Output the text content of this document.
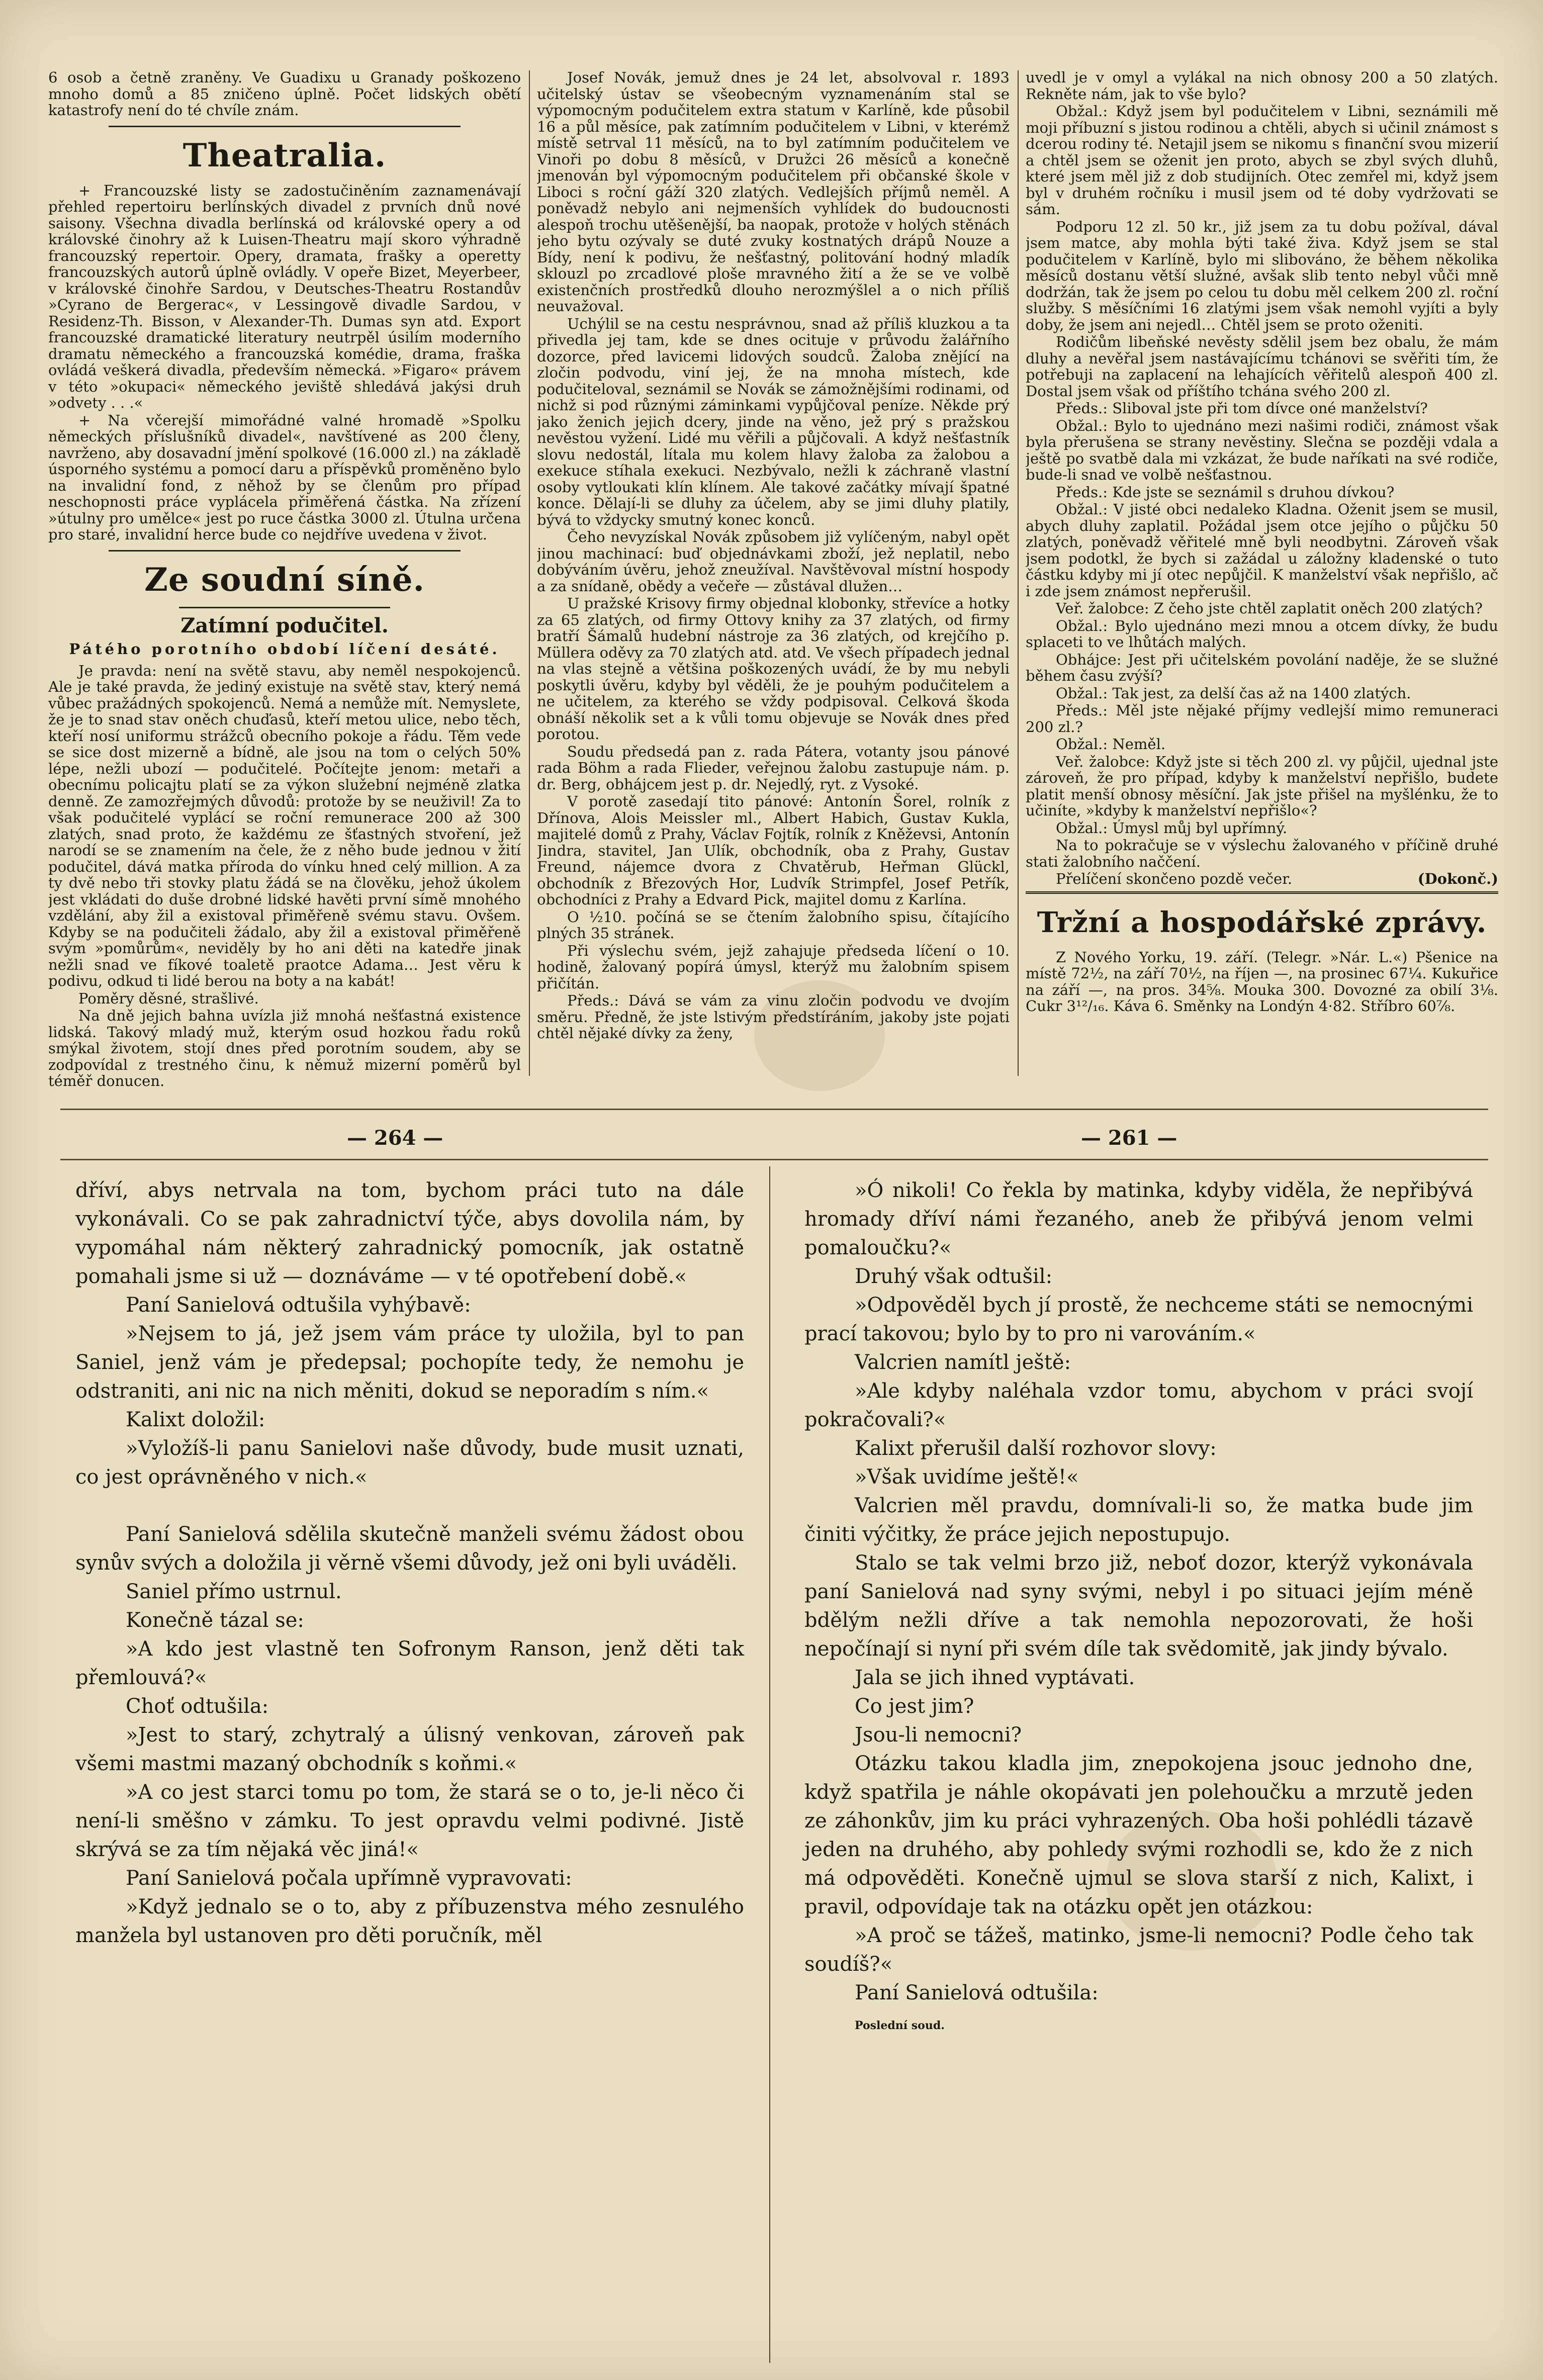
6 osob a četně zraněny. Ve Guadixu u Granady poškozeno mnoho domů a 85 zničeno úplně. Počet lidských obětí katastrofy není do té chvíle znám.

Theatralia.

+ Francouzské listy se zadostučiněním zaznamenávají přehled repertoiru berlínských divadel z prvních dnů nové saisony. Všechna divadla berlínská od královské opery a od královské činohry až k Luisen-Theatru mají skoro výhradně francouzský repertoir. Opery, dramata, frašky a operetty francouzských autorů úplně ovládly. V opeře Bizet, Meyerbeer, v královské činohře Sardou, v Deutsches-Theatru Rostandův »Cyrano de Bergerac«, v Lessingově divadle Sardou, v Residenz-Th. Bisson, v Alexander-Th. Dumas syn atd. Export francouzské dramatické literatury neutrpěl úsilím moderního dramatu německého a francouzská komédie, drama, fraška ovládá veškerá divadla, především německá. »Figaro« právem v této »okupaci« německého jeviště shledává jakýsi druh »odvety . . .«

+ Na včerejší mimořádné valné hromadě »Spolku německých příslušníků divadel«, navštívené as 200 členy, navrženo, aby dosavadní jmění spolkové (16.000 zl.) na základě úsporného systému a pomocí daru a příspěvků proměněno bylo na invalidní fond, z něhož by se členům pro případ neschopnosti práce vyplácela přiměřená částka. Na zřízení »útulny pro umělce« jest po ruce částka 3000 zl. Útulna určena pro staré, invalidní herce bude co nejdříve uvedena v život.

Ze soudní síně.
Zatímní podučitel.
Pátého porotního období líčení desáté.

Je pravda: není na světě stavu, aby neměl nespokojenců. Ale je také pravda, že jediný existuje na světě stav, který nemá vůbec pražádných spokojenců. Nemá a nemůže mít. Nemyslete, že je to snad stav oněch chuďasů, kteří metou ulice, nebo těch, kteří nosí uniformu strážců obecního pokoje a řádu. Těm vede se sice dost mizerně a bídně, ale jsou na tom o celých 50% lépe, nežli ubozí — podučitelé. Počítejte jenom: metaři a obecnímu policajtu platí se za výkon služební nejméně zlatka denně. Ze zamozřejmých důvodů: protože by se neuživil! Za to však podučitelé vyplácí se roční remunerace 200 až 300 zlatých, snad proto, že každému ze šťastných stvoření, jež narodí se se znamením na čele, že z něho bude jednou v žití podučitel, dává matka příroda do vínku hned celý million. A za ty dvě nebo tři stovky platu žádá se na člověku, jehož úkolem jest vkládati do duše drobné lidské havěti první símě mnohého vzdělání, aby žil a existoval přiměřeně svému stavu. Ovšem. Kdyby se na podučiteli žádalo, aby žil a existoval přiměřeně svým »pomůrům«, neviděly by ho ani děti na katedře jinak nežli snad ve fíkové toaletě praotce Adama… Jest věru k podivu, odkud ti lidé berou na boty a na kabát!

Poměry děsné, strašlivé.

Na dně jejich bahna uvízla již mnohá nešťastná existence lidská. Takový mladý muž, kterým osud hozkou řadu roků smýkal životem, stojí dnes před porotním soudem, aby se zodpovídal z trestného činu, k němuž mizerní poměrů byl téměř donucen.

Josef Novák, jemuž dnes je 24 let, absolvoval r. 1893 učitelský ústav se všeobecným vyznamenáním stal se výpomocným podučitelem extra statum v Karlíně, kde působil 16 a půl měsíce, pak zatímním podučitelem v Libni, v kterémž místě setrval 11 měsíců, na to byl zatímním podučitelem ve Vinoři po dobu 8 měsíců, v Družci 26 měsíců a konečně jmenován byl výpomocným podučitelem při občanské škole v Liboci s roční gáží 320 zlatých. Vedlejších příjmů neměl. A poněvadž nebylo ani nejmenších vyhlídek do budoucnosti alespoň trochu utěšenější, ba naopak, protože v holých stěnách jeho bytu ozývaly se duté zvuky kostnatých drápů Nouze a Bídy, není k podivu, že nešťastný, politování hodný mladík sklouzl po zrcadlové ploše mravného žití a že se ve volbě existenčních prostředků dlouho nerozmýšlel a o nich příliš neuvažoval.

Uchýlil se na cestu nesprávnou, snad až příliš kluzkou a ta přivedla jej tam, kde se dnes ocituje v průvodu žalářního dozorce, před lavicemi lidových soudců. Žaloba znějící na zločin podvodu, viní jej, že na mnoha místech, kde podučiteloval, seznámil se Novák se zámožnějšími rodinami, od nichž si pod různými záminkami vypůjčoval peníze. Někde prý jako ženich jejich dcery, jinde na věno, jež prý s pražskou nevěstou vyžení. Lidé mu věřili a půjčovali. A když nešťastník slovu nedostál, lítala mu kolem hlavy žaloba za žalobou a exekuce stíhala exekuci. Nezbývalo, nežli k záchraně vlastní osoby vytloukati klín klínem. Ale takové začátky mívají špatné konce. Dělají-li se dluhy za účelem, aby se jimi dluhy platily, bývá to vždycky smutný konec konců.

Čeho nevyzískal Novák způsobem již vylíčeným, nabyl opět jinou machinací: buď objednávkami zboží, jež neplatil, nebo dobýváním úvěru, jehož zneužíval. Navštěvoval místní hospody a za snídaně, obědy a večeře — zůstával dlužen…

U pražské Krisovy firmy objednal klobonky, střevíce a hotky za 65 zlatých, od firmy Ottovy knihy za 37 zlatých, od firmy bratří Šámalů hudební nástroje za 36 zlatých, od krejčího p. Müllera oděvy za 70 zlatých atd. atd. Ve všech případech jednal na vlas stejně a většina poškozených uvádí, že by mu nebyli poskytli úvěru, kdyby byl věděli, že je pouhým podučitelem a ne učitelem, za kterého se vždy podpisoval. Celková škoda obnáší několik set a k vůli tomu objevuje se Novák dnes před porotou.

Soudu předsedá pan z. rada Pátera, votanty jsou pánové rada Böhm a rada Flieder, veřejnou žalobu zastupuje nám. p. dr. Berg, obhájcem jest p. dr. Nejedlý, ryt. z Vysoké.

V porotě zasedají tito pánové: Antonín Šorel, rolník z Dřínova, Alois Meissler ml., Albert Habich, Gustav Kukla, majitelé domů z Prahy, Václav Fojtík, rolník z Kněževsi, Antonín Jindra, stavitel, Jan Ulík, obchodník, oba z Prahy, Gustav Freund, nájemce dvora z Chvatěrub, Heřman Glückl, obchodník z Březových Hor, Ludvík Strimpfel, Josef Petřík, obchodníci z Prahy a Edvard Pick, majitel domu z Karlína.

O ½10. počíná se se čtením žalobního spisu, čítajícího plných 35 stránek.

Při výslechu svém, jejž zahajuje předseda líčení o 10. hodině, žalovaný popírá úmysl, kterýž mu žalobním spisem přičítán.

Předs.: Dává se vám za vinu zločin podvodu ve dvojím směru. Předně, že jste lstivým předstíráním, jakoby jste pojati chtěl nějaké dívky za ženy,

uvedl je v omyl a vylákal na nich obnosy 200 a 50 zlatých. Rekněte nám, jak to vše bylo?

Obžal.: Když jsem byl podučitelem v Libni, seznámili mě moji příbuzní s jistou rodinou a chtěli, abych si učinil známost s dcerou rodiny té. Netajil jsem se nikomu s finanční svou mizerií a chtěl jsem se oženit jen proto, abych se zbyl svých dluhů, které jsem měl již z dob studijních. Otec zemřel mi, když jsem byl v druhém ročníku i musil jsem od té doby vydržovati se sám.

Podporu 12 zl. 50 kr., již jsem za tu dobu požíval, dával jsem matce, aby mohla býti také živa. Když jsem se stal podučitelem v Karlíně, bylo mi slibováno, že během několika měsíců dostanu větší služné, avšak slib tento nebyl vůči mně dodržán, tak že jsem po celou tu dobu měl celkem 200 zl. roční služby. S měsíčními 16 zlatými jsem však nemohl vyjíti a byly doby, že jsem ani nejedl… Chtěl jsem se proto oženiti.

Rodičům libeňské nevěsty sdělil jsem bez obalu, že mám dluhy a nevěřal jsem nastávajícímu tchánovi se svěřiti tím, že potřebuji na zaplacení na lehajících věřitelů alespoň 400 zl. Dostal jsem však od příštího tchána svého 200 zl.

Předs.: Sliboval jste při tom dívce oné manželství?

Obžal.: Bylo to ujednáno mezi našimi rodiči, známost však byla přerušena se strany nevěstiny. Slečna se později vdala a ještě po svatbě dala mi vzkázat, že bude naříkati na své rodiče, bude-li snad ve volbě nešťastnou.

Předs.: Kde jste se seznámil s druhou dívkou?

Obžal.: V jisté obci nedaleko Kladna. Oženit jsem se musil, abych dluhy zaplatil. Požádal jsem otce jejího o půjčku 50 zlatých, poněvadž věřitelé mně byli neodbytni. Zároveň však jsem podotkl, že bych si zažádal u záložny kladenské o tuto částku kdyby mi jí otec nepůjčil. K manželství však nepřišlo, ač i zde jsem známost nepřerušil.

Veř. žalobce: Z čeho jste chtěl zaplatit oněch 200 zlatých?

Obžal.: Bylo ujednáno mezi mnou a otcem dívky, že budu splaceti to ve lhůtách malých.

Obhájce: Jest při učitelském povolání naděje, že se služné během času zvýší?

Obžal.: Tak jest, za delší čas až na 1400 zlatých.

Předs.: Měl jste nějaké příjmy vedlejší mimo remuneraci 200 zl.?

Obžal.: Neměl.

Veř. žalobce: Když jste si těch 200 zl. vy půjčil, ujednal jste zároveň, že pro případ, kdyby k manželství nepřišlo, budete platit menší obnosy měsíční. Jak jste přišel na myšlénku, že to učiníte, »kdyby k manželství nepřišlo«?

Obžal.: Úmysl můj byl upřímný.

Na to pokračuje se v výslechu žalovaného v příčině druhé stati žalobního naččení.

Přelíčení skončeno pozdě večer.	(Dokonč.)

Tržní a hospodářské zprávy.

Z Nového Yorku, 19. září. (Telegr. »Nár. L.«) Pšenice na místě 72½, na září 70½, na říjen —, na prosinec 67¼. Kukuřice na září —, na pros. 34⅝. Mouka 300. Dovozné za obilí 3⅛. Cukr 3¹²/₁₆. Káva 6. Směnky na Londýn 4·82. Stříbro 60⅞.

— 264 —	— 261 —

dříví, abys netrvala na tom, bychom práci tuto na dále vykonávali. Co se pak zahradnictví týče, abys dovolila nám, by vypomáhal nám některý zahradnický pomocník, jak ostatně pomahali jsme si už — doznáváme — v té opotřebení době.«

Paní Sanielová odtušila vyhýbavě:

»Nejsem to já, jež jsem vám práce ty uložila, byl to pan Saniel, jenž vám je předepsal; pochopíte tedy, že nemohu je odstraniti, ani nic na nich měniti, dokud se neporadím s ním.«

Kalixt doložil:

»Vyložíš-li panu Sanielovi naše důvody, bude musit uznati, co jest oprávněného v nich.«

Paní Sanielová sdělila skutečně manželi svému žádost obou synův svých a doložila ji věrně všemi důvody, jež oni byli uváděli.

Saniel přímo ustrnul.

Konečně tázal se:

»A kdo jest vlastně ten Sofronym Ranson, jenž děti tak přemlouvá?«

Choť odtušila:

»Jest to starý, zchytralý a úlisný venkovan, zároveň pak všemi mastmi mazaný obchodník s koňmi.«

»A co jest starci tomu po tom, že stará se o to, je-li něco či není-li směšno v zámku. To jest opravdu velmi podivné. Jistě skrývá se za tím nějaká věc jiná!«

Paní Sanielová počala upřímně vypravovati:

»Když jednalo se o to, aby z příbuzenstva mého zesnulého manžela byl ustanoven pro děti poručník, měl

»Ó nikoli! Co řekla by matinka, kdyby viděla, že nepřibývá hromady dříví námi řezaného, aneb že přibývá jenom velmi pomaloučku?«

Druhý však odtušil:

»Odpověděl bych jí prostě, že nechceme státi se nemocnými prací takovou; bylo by to pro ni varováním.«

Valcrien namítl ještě:

»Ale kdyby naléhala vzdor tomu, abychom v práci svojí pokračovali?«

Kalixt přerušil další rozhovor slovy:

»Však uvidíme ještě!«

Valcrien měl pravdu, domnívali-li so, že matka bude jim činiti výčitky, že práce jejich nepostupujo.

Stalo se tak velmi brzo již, neboť dozor, kterýž vykonávala paní Sanielová nad syny svými, nebyl i po situaci jejím méně bdělým nežli dříve a tak nemohla nepozorovati, že hoši nepočínají si nyní při svém díle tak svědomitě, jak jindy bývalo.

Jala se jich ihned vyptávati.

Co jest jim?

Jsou-li nemocni?

Otázku takou kladla jim, znepokojena jsouc jednoho dne, když spatřila je náhle okopávati jen polehoučku a mrzutě jeden ze záhonkův, jim ku práci vyhrazených. Oba hoši pohlédli tázavě jeden na druhého, aby pohledy svými rozhodli se, kdo že z nich má odpověděti. Konečně ujmul se slova starší z nich, Kalixt, i pravil, odpovídaje tak na otázku opět jen otázkou:

»A proč se tážeš, matinko, jsme-li nemocni? Podle čeho tak soudíš?«

Paní Sanielová odtušila:

Poslední soud.
